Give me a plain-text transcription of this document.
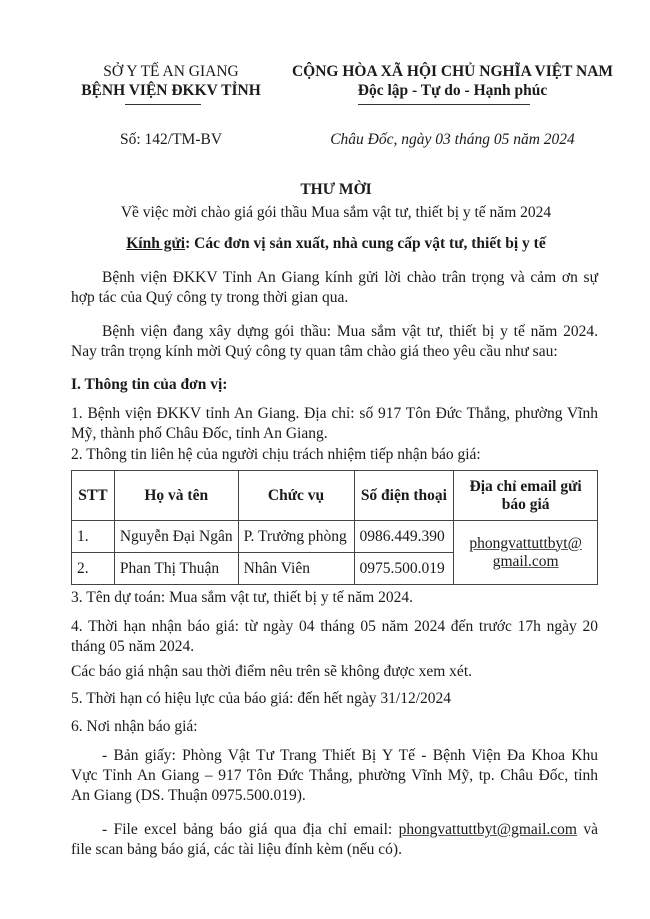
SỞ Y TẾ AN GIANG
BỆNH VIỆN ĐKKV TỈNH
CỘNG HÒA XÃ HỘI CHỦ NGHĨA VIỆT NAM
Độc lập - Tự do - Hạnh phúc
Số: 142/TM-BV	Châu Đốc, ngày 03 tháng 05 năm 2024
THƯ MỜI
Về việc mời chào giá gói thầu Mua sắm vật tư, thiết bị y tế năm 2024
Kính gửi: Các đơn vị sản xuất, nhà cung cấp vật tư, thiết bị y tế
Bệnh viện ĐKKV Tỉnh An Giang kính gửi lời chào trân trọng và cảm ơn sự
hợp tác của Quý công ty trong thời gian qua.
Bệnh viện đang xây dựng gói thầu: Mua sắm vật tư, thiết bị y tế năm 2024.
Nay trân trọng kính mời Quý công ty quan tâm chào giá theo yêu cầu như sau:
I. Thông tin của đơn vị:
1. Bệnh viện ĐKKV tỉnh An Giang. Địa chỉ: số 917 Tôn Đức Thắng, phường Vĩnh
Mỹ, thành phố Châu Đốc, tỉnh An Giang.
2. Thông tin liên hệ của người chịu trách nhiệm tiếp nhận báo giá:
STT	Họ và tên	Chức vụ	Số điện thoại	Địa chỉ email gửi báo giá
1.	Nguyễn Đại Ngân	P. Trưởng phòng	0986.449.390	phongvattuttbyt@
gmail.com
2.	Phan Thị Thuận	Nhân Viên	0975.500.019	
3. Tên dự toán: Mua sắm vật tư, thiết bị y tế năm 2024.
4. Thời hạn nhận báo giá: từ ngày 04 tháng 05 năm 2024 đến trước 17h ngày 20
tháng 05 năm 2024.
Các báo giá nhận sau thời điểm nêu trên sẽ không được xem xét.
5. Thời hạn có hiệu lực của báo giá: đến hết ngày 31/12/2024
6. Nơi nhận báo giá:
- Bản giấy: Phòng Vật Tư Trang Thiết Bị Y Tế - Bệnh Viện Đa Khoa Khu
Vực Tỉnh An Giang – 917 Tôn Đức Thắng, phường Vĩnh Mỹ, tp. Châu Đốc, tỉnh
An Giang (DS. Thuận 0975.500.019).
- File excel bảng báo giá qua địa chỉ email: phongvattuttbyt@gmail.com và
file scan bảng báo giá, các tài liệu đính kèm (nếu có).
